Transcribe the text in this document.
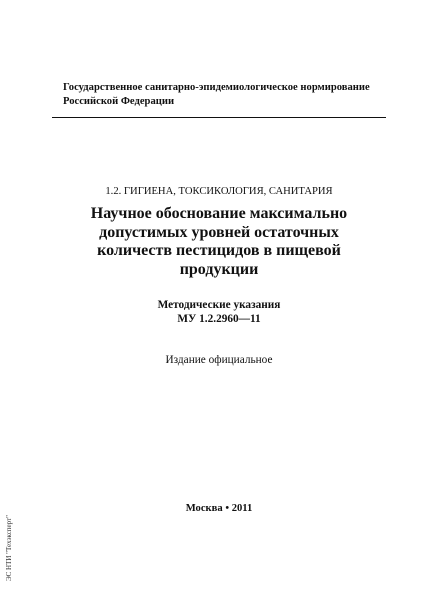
Государственное санитарно-эпидемиологическое нормирование
Российской Федерации
1.2. ГИГИЕНА, ТОКСИКОЛОГИЯ, САНИТАРИЯ
Научное обоснование максимально
допустимых уровней остаточных
количеств пестицидов в пищевой
продукции
Методические указания
МУ 1.2.2960—11
Издание официальное
Москва • 2011
ЭС НТИ "Техэксперт"
